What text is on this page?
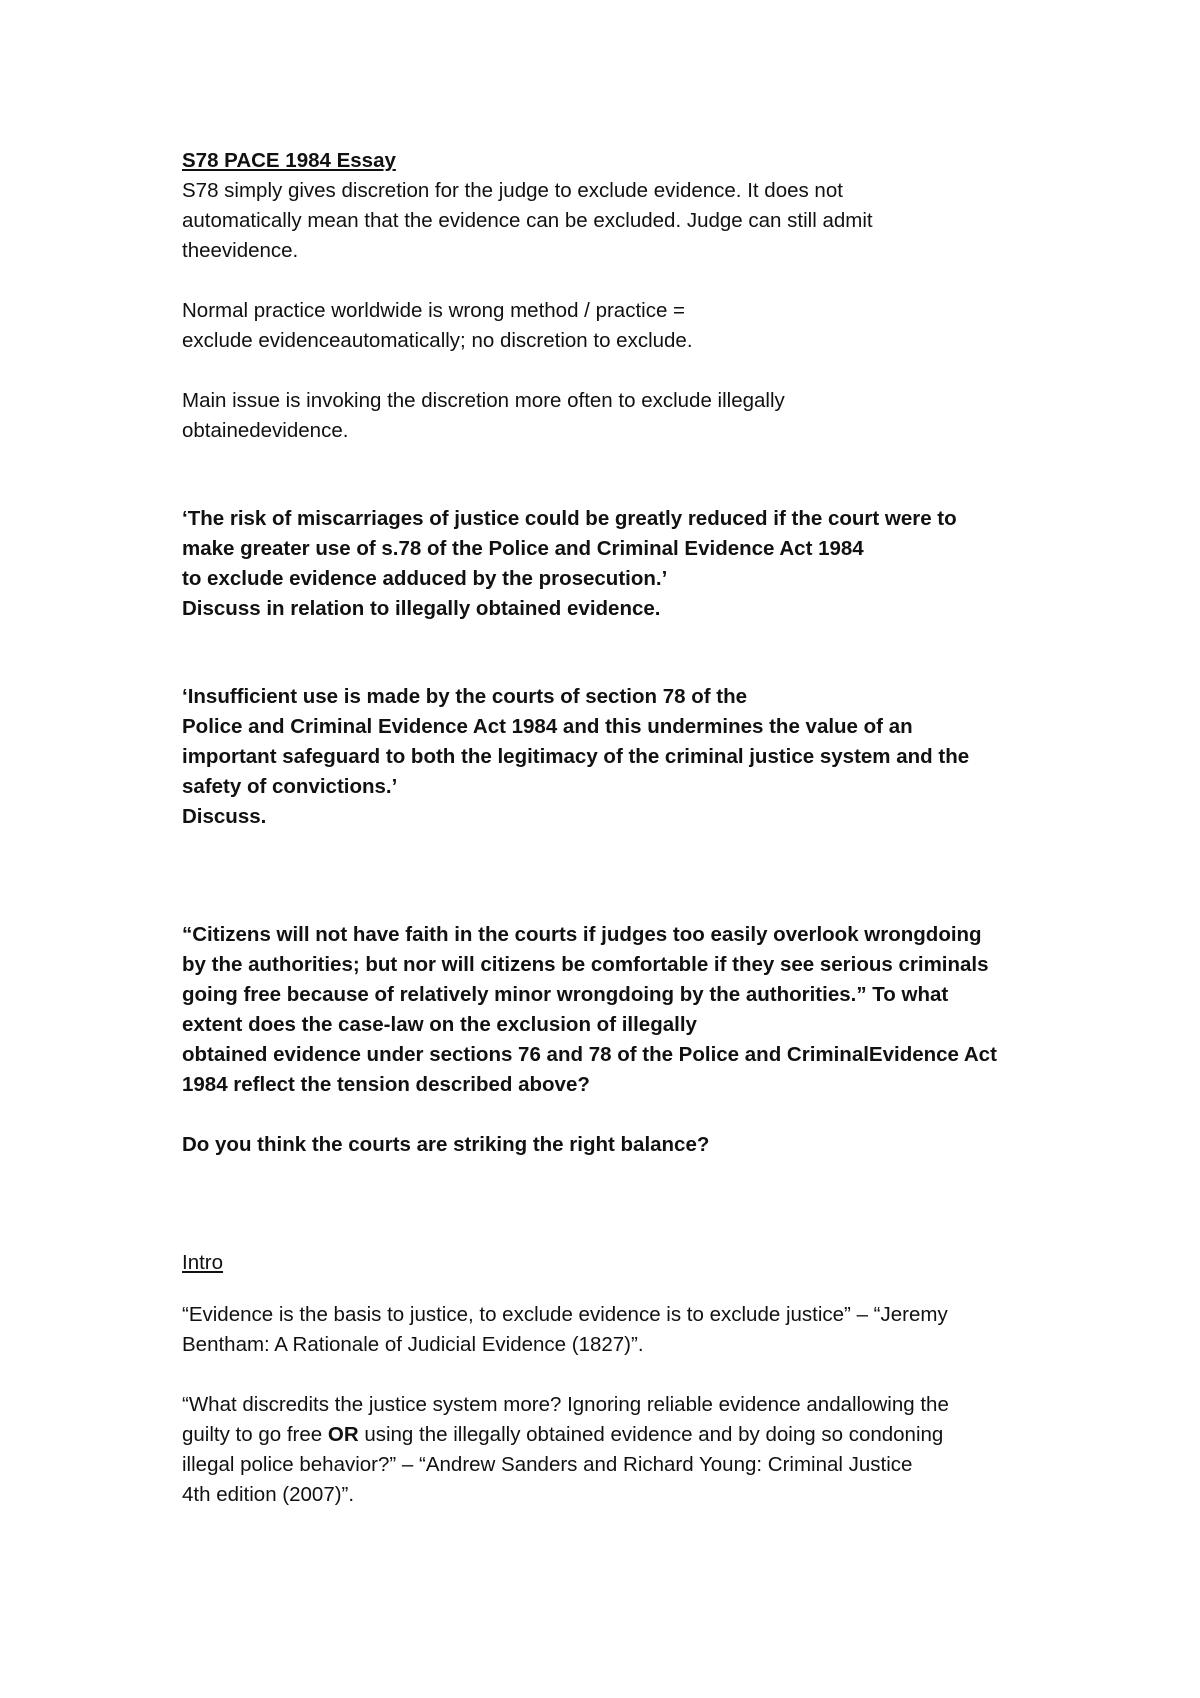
S78 PACE 1984 Essay
S78 simply gives discretion for the judge to exclude evidence. It does not
automatically mean that the evidence can be excluded. Judge can still admit
theevidence.
Normal practice worldwide is wrong method / practice =
exclude evidenceautomatically; no discretion to exclude.
Main issue is invoking the discretion more often to exclude illegally
obtainedevidence.
‘The risk of miscarriages of justice could be greatly reduced if the court were to
make greater use of s.78 of the Police and Criminal Evidence Act 1984
to exclude evidence adduced by the prosecution.’
Discuss in relation to illegally obtained evidence.
‘Insufficient use is made by the courts of section 78 of the
Police and Criminal Evidence Act 1984 and this undermines the value of an
important safeguard to both the legitimacy of the criminal justice system and the
safety of convictions.’
Discuss.
“Citizens will not have faith in the courts if judges too easily overlook wrongdoing
by the authorities; but nor will citizens be comfortable if they see serious criminals
going free because of relatively minor wrongdoing by the authorities.” To what
extent does the case-law on the exclusion of illegally
obtained evidence under sections 76 and 78 of the Police and CriminalEvidence Act
1984 reflect the tension described above?
Do you think the courts are striking the right balance?
Intro
“Evidence is the basis to justice, to exclude evidence is to exclude justice” – “Jeremy
Bentham: A Rationale of Judicial Evidence (1827)”.
“What discredits the justice system more? Ignoring reliable evidence andallowing the
guilty to go free OR using the illegally obtained evidence and by doing so condoning
illegal police behavior?” – “Andrew Sanders and Richard Young: Criminal Justice
4th edition (2007)”.
